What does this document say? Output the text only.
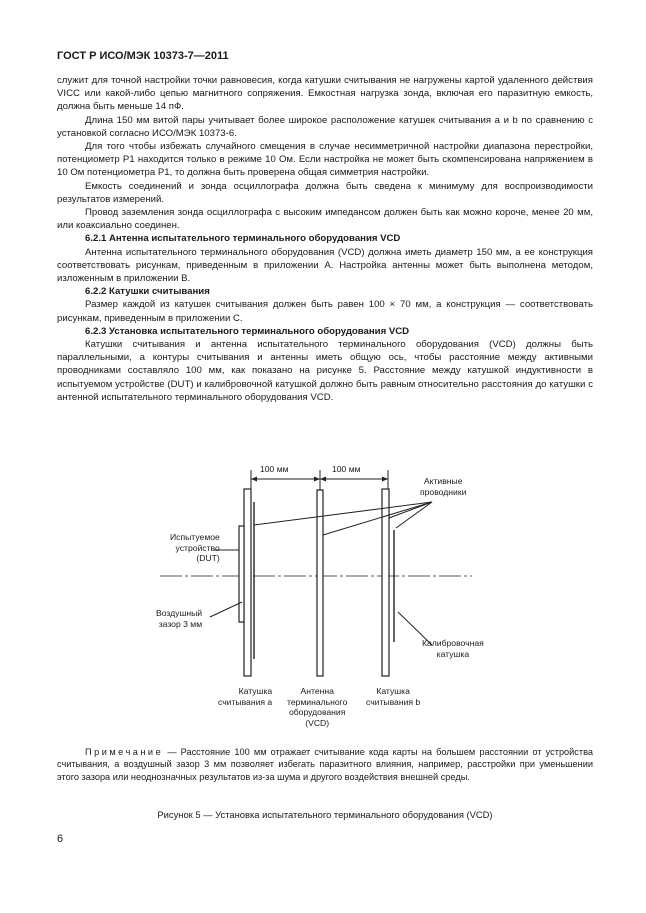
ГОСТ Р ИСО/МЭК 10373-7—2011

служит для точной настройки точки равновесия, когда катушки считывания не нагружены картой удаленного действия VICC или какой-либо цепью магнитного сопряжения. Емкостная нагрузка зонда, включая его паразитную емкость, должна быть меньше 14 пФ.

Длина 150 мм витой пары учитывает более широкое расположение катушек считывания а и b по сравнению с установкой согласно ИСО/МЭК 10373-6.

Для того чтобы избежать случайного смещения в случае несимметричной настройки диапазона перестройки, потенциометр Р1 находится только в режиме 10 Ом. Если настройка не может быть скомпенсирована напряжением в 10 Ом потенциометра Р1, то должна быть проверена общая симметрия настройки.

Емкость соединений и зонда осциллографа должна быть сведена к минимуму для воспроизводимости результатов измерений.

Провод заземления зонда осциллографа с высоким импедансом должен быть как можно короче, менее 20 мм, или коаксиально соединен.

6.2.1 Антенна испытательного терминального оборудования VCD

Антенна испытательного терминального оборудования (VCD) должна иметь диаметр 150 мм, а ее конструкция соответствовать рисункам, приведенным в приложении А. Настройка антенны может быть выполнена методом, изложенным в приложении В.

6.2.2 Катушки считывания

Размер каждой из катушек считывания должен быть равен 100 × 70 мм, а конструкция — соответствовать рисункам, приведенным в приложении С.

6.2.3 Установка испытательного терминального оборудования VCD

Катушки считывания и антенна испытательного терминального оборудования (VCD) должны быть параллельными, а контуры считывания и антенны иметь общую ось, чтобы расстояние между активными проводниками составляло 100 мм, как показано на рисунке 5. Расстояние между катушкой индуктивности в испытуемом устройстве (DUT) и калибровочной катушкой должно быть равным относительно расстояния до катушки с антенной испытательного терминального оборудования VCD.

100 мм	100 мм
Активные
проводники
Испытуемое
устройство
(DUT)
Воздушный
зазор 3 мм
Калибровочная
катушка
Катушка
считывания а
Антенна
терминального
оборудования
(VCD)
Катушка
считывания b
Примечание — Расстояние 100 мм отражает считывание кода карты на большем расстоянии от устройства считывания, а воздушный зазор 3 мм позволяет избегать паразитного влияния, например, расстройки при уменьшении этого зазора или неоднозначных результатов из-за шума и другого воздействия внешней среды.
Рисунок 5 — Установка испытательного терминального оборудования (VCD)
6
